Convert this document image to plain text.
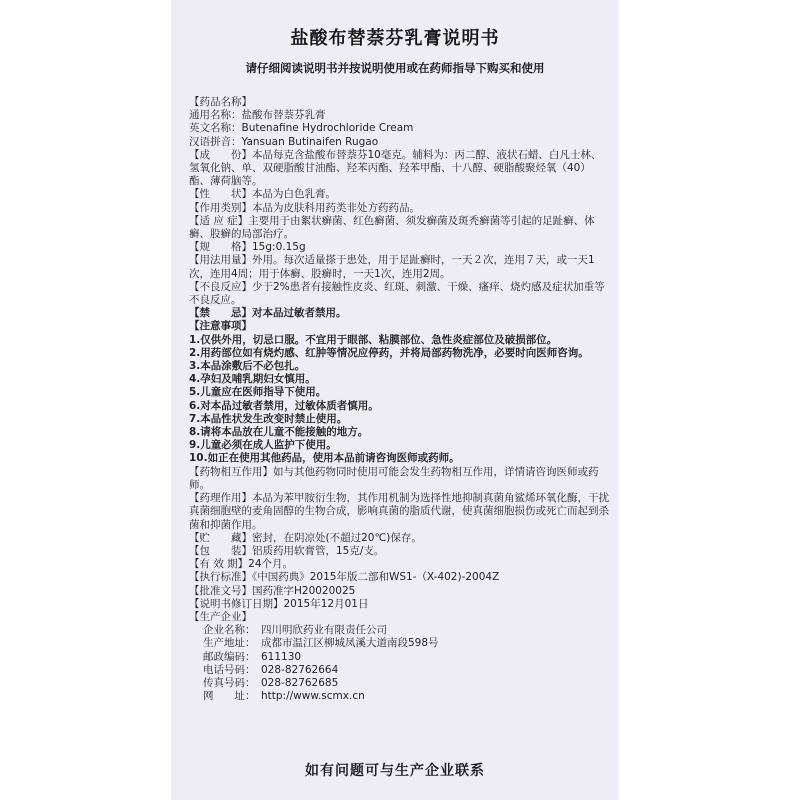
盐酸布替萘芬乳膏说明书
请仔细阅读说明书并按说明使用或在药师指导下购买和使用
【药品名称】
通用名称：盐酸布替萘芬乳膏
英文名称：Butenafine Hydrochloride Cream
汉语拼音：Yansuan Butinaifen Rugao
【成　　份】本品每克含盐酸布替萘芬10毫克。辅料为：丙二醇、液状石蜡、白凡士林、氢氧化钠、单、双硬脂酸甘油酯、羟苯丙酯、羟苯甲酯、十八醇、硬脂酸聚烃氧（40）酯、薄荷脑等。
【性　　状】本品为白色乳膏。
【作用类别】本品为皮肤科用药类非处方药药品。
【适 应 症】主要用于由絮状癣菌、红色癣菌、须发癣菌及斑秃癣菌等引起的足趾癣、体癣、股癣的局部治疗。
【规　　格】15g:0.15g
【用法用量】外用。每次适量搽于患处，用于足趾癣时，一天２次，连用７天，或一天1次，连用4周；用于体癣、股癣时，一天1次，连用2周。
【不良反应】少于2%患者有接触性皮炎、红斑、刺激、干燥、瘙痒、烧灼感及症状加重等不良反应。
【禁　　忌】对本品过敏者禁用。
【注意事项】
1.仅供外用，切忌口服。不宜用于眼部、粘膜部位、急性炎症部位及破损部位。
2.用药部位如有烧灼感、红肿等情况应停药，并将局部药物洗净，必要时向医师咨询。
3.本品涂敷后不必包扎。
4.孕妇及哺乳期妇女慎用。
5.儿童应在医师指导下使用。
6.对本品过敏者禁用，过敏体质者慎用。
7.本品性状发生改变时禁止使用。
8.请将本品放在儿童不能接触的地方。
9.儿童必须在成人监护下使用。
10.如正在使用其他药品，使用本品前请咨询医师或药师。
【药物相互作用】如与其他药物同时使用可能会发生药物相互作用，详情请咨询医师或药师。
【药理作用】本品为苯甲胺衍生物，其作用机制为选择性地抑制真菌角鲨烯环氧化酶，干扰真菌细胞壁的麦角固醇的生物合成，影响真菌的脂质代谢，使真菌细胞损伤或死亡而起到杀菌和抑菌作用。
【贮　　藏】密封，在阴凉处(不超过20℃)保存。
【包　　装】铝质药用软膏管，15克/支。
【有 效 期】24个月。
【执行标准】《中国药典》2015年版二部和WS1-（X-402)-2004Z
【批准文号】国药准字H20020025
【说明书修订日期】2015年12月01日
【生产企业】
企业名称： 四川明欣药业有限责任公司
生产地址： 成都市温江区柳城凤溪大道南段598号
邮政编码： 611130
电话号码： 028-82762664
传真号码： 028-82762685
网　　址： http://www.scmx.cn
如有问题可与生产企业联系
